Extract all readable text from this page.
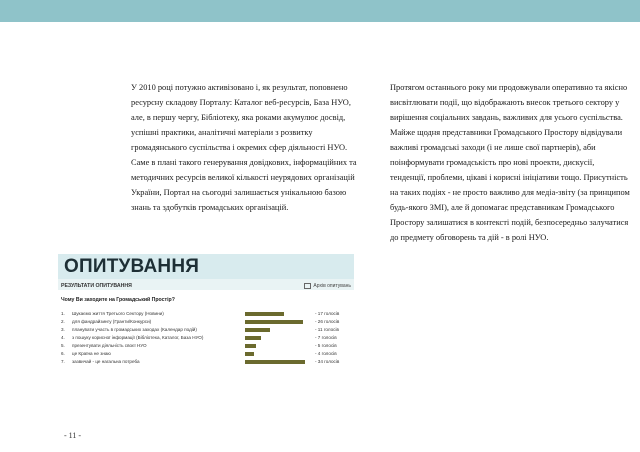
У 2010 році потужно активізовано і, як результат, поповнено ресурсну складову Порталу: Каталог веб-ресурсів, База НУО, але, в першу чергу, Бібліотеку, яка роками акумулює досвід, успішні практики, аналітичні матеріали з розвитку громадянського суспільства і окремих сфер діяльності НУО. Саме в плані такого генерування довідкових, інформаційних та методичних ресурсів великої кількості неурядових організацій України, Портал на сьогодні залишається унікальною базою знань та здобутків громадських організацій.

Протягом останнього року ми продовжували оперативно та якісно висвітлювати події, що відображають внесок третього сектору у вирішення соціальних завдань, важливих для усього суспільства. Майже щодня представники Громадського Простору відвідували важливі громадські заходи (і не лише свої партнерів), аби поінформувати громадськість про нові проекти, дискусії, тенденції, проблеми, цікаві і корисні ініціативи тощо. Присутність на таких подіях - не просто важливо для медіа-звіту (за принципом будь-якого ЗМІ), але й допомагає представникам Громадського Простору залишатися в контексті подій, безпосередньо залучатися до предмету обговорень та дій - в ролі НУО.

ОПИТУВАННЯ
РЕЗУЛЬТАТИ ОПИТУВАННЯ	Архів опитувань
Чому Ви заходите на Громадський Простір?
1. Шукаємо життя Третього Сектору (Новини)	- 17 голосів
2. для фандрайзингу (Гранти/Конкурси)	- 26 голосів
3. планувати участь в громадських заходах (Календар подій)	- 11 голосів
4. з пошуку корисної інформації (Бібліотека, Каталог, База НУО)	- 7 голосів
5. презентувати діяльність своєї НУО	- 5 голосів
6. це Країна не знаю	- 4 голосів
7. зазвичай - це нагальна потреба	- 34 голосів
- 11 -
